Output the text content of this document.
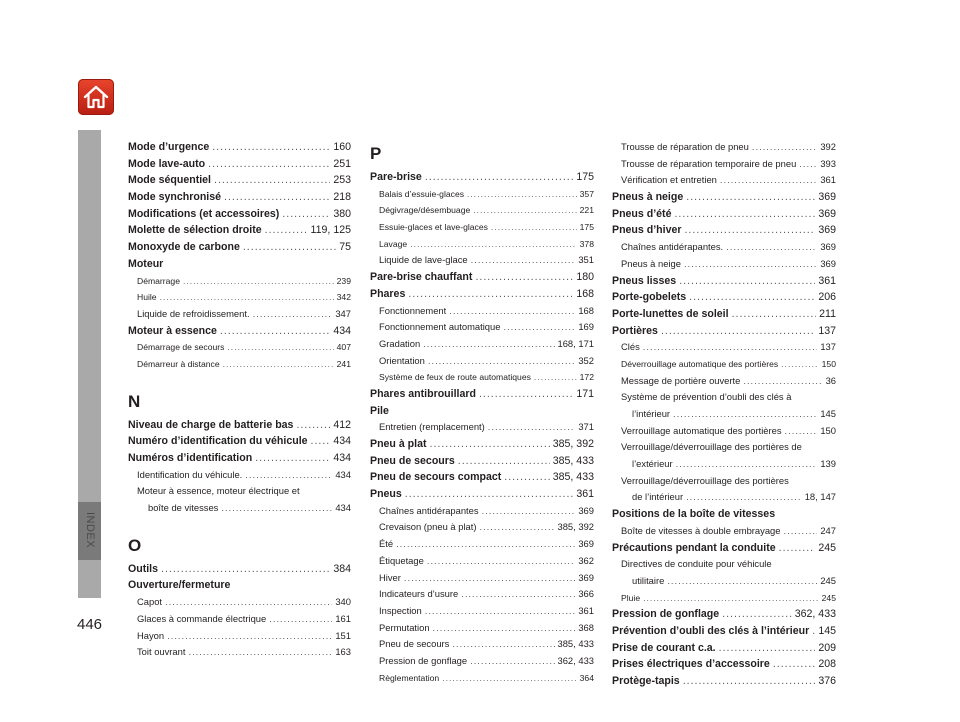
INDEX
446
Mode d’urgence .....	160
Mode lave-auto .....	251
Mode séquentiel .....	253
Mode synchronisé .....	218
Modifications (et accessoires) .....	380
Molette de sélection droite .....	119, 125
Monoxyde de carbone .....	75
Moteur
Démarrage .....	239
Huile .....	342
Liquide de refroidissement. .....	347
Moteur à essence .....	434
Démarrage de secours .....	407
Démarreur à distance .....	241
N
Niveau de charge de batterie bas .....	412
Numéro d’identification du véhicule ..... 434
Numéros d’identification .....	434
Identification du véhicule. .....	434
Moteur à essence, moteur électrique et
boîte de vitesses .....	434
O
Outils .....	384
Ouverture/fermeture
Capot .....	340
Glaces à commande électrique .....	161
Hayon .....	151
Toit ouvrant .....	163
P
Pare-brise .....	175
Balais d’essuie-glaces .....	357
Dégivrage/désembuage .....	221
Essuie-glaces et lave-glaces .....	175
Lavage .....	378
Liquide de lave-glace .....	351
Pare-brise chauffant .....	180
Phares .....	168
Fonctionnement .....	168
Fonctionnement automatique .....	169
Gradation .....	168, 171
Orientation .....	352
Système de feux de route automatiques .....	172
Phares antibrouillard .....	171
Pile
Entretien (remplacement) .....	371
Pneu à plat .....	385, 392
Pneu de secours .....	385, 433
Pneu de secours compact .....	385, 433
Pneus .....	361
Chaînes antidérapantes .....	369
Crevaison (pneu à plat) .....	385, 392
Été .....	369
Étiquetage .....	362
Hiver .....	369
Indicateurs d’usure .....	366
Inspection .....	361
Permutation .....	368
Pneu de secours .....	385, 433
Pression de gonflage .....	362, 433
Règlementation .....	364
Trousse de réparation de pneu .....	392
Trousse de réparation temporaire de pneu .....	393
Vérification et entretien .....	361
Pneus à neige .....	369
Pneus d’été .....	369
Pneus d’hiver .....	369
Chaînes antidérapantes. .....	369
Pneus à neige .....	369
Pneus lisses .....	361
Porte-gobelets .....	206
Porte-lunettes de soleil .....	211
Portières .....	137
Clés .....	137
Déverrouillage automatique des portières .....	150
Message de portière ouverte .....	36
Système de prévention d’oubli des clés à
l’intérieur .....	145
Verrouillage automatique des portières .....	150
Verrouillage/déverrouillage des portières de
l’extérieur .....	139
Verrouillage/déverrouillage des portières
de l’intérieur .....	18, 147
Positions de la boîte de vitesses
Boîte de vitesses à double embrayage .....	247
Précautions pendant la conduite .....	245
Directives de conduite pour véhicule
utilitaire .....	245
Pluie .....	245
Pression de gonflage .....	362, 433
Prévention d’oubli des clés à l’intérieur ..... 145
Prise de courant c.a. .....	209
Prises électriques d’accessoire .....	208
Protège-tapis .....	376
